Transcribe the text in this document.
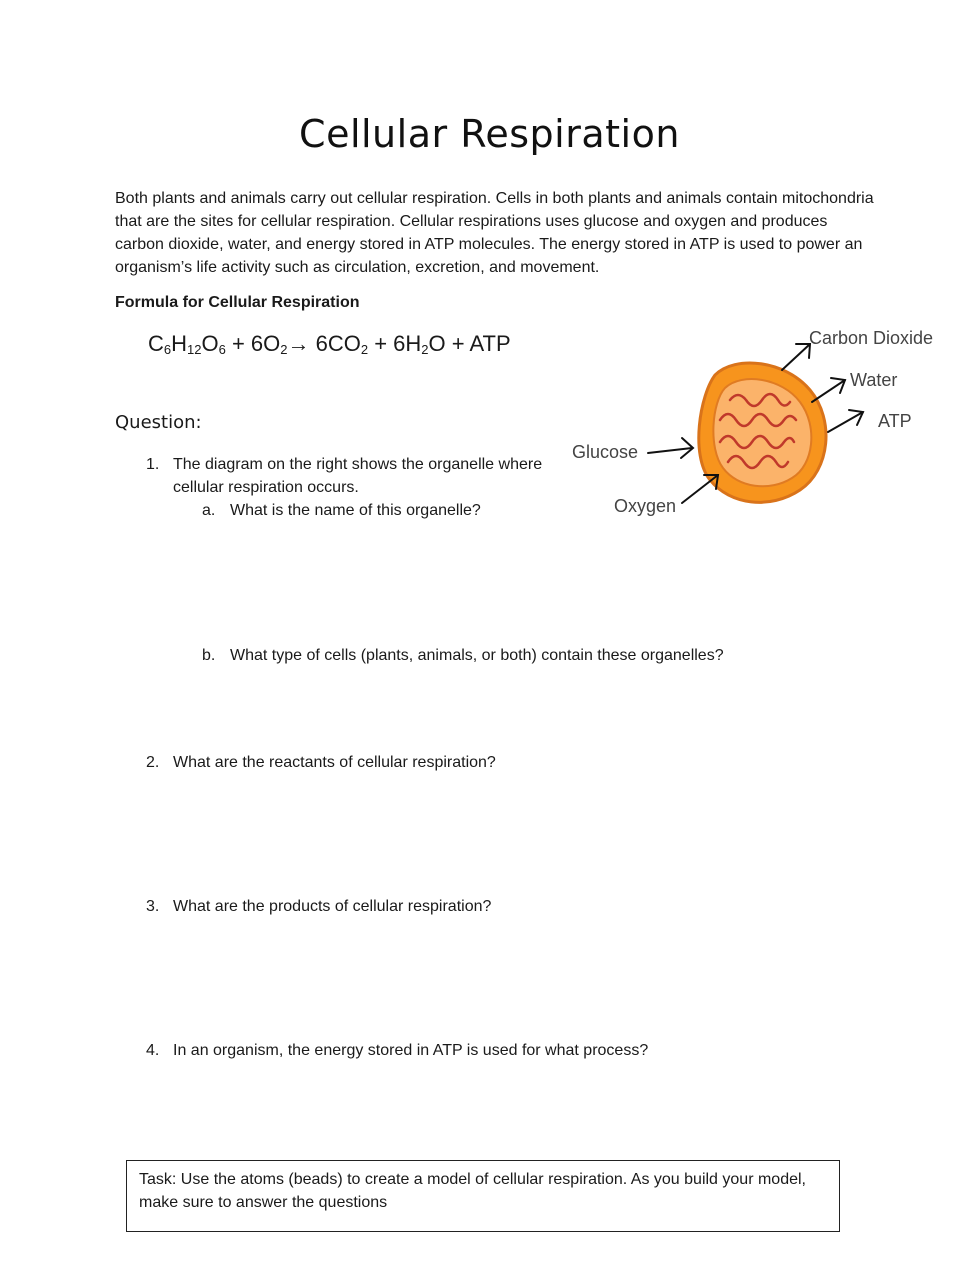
Cellular Respiration
Both plants and animals carry out cellular respiration. Cells in both plants and animals contain mitochondria that are the sites for cellular respiration. Cellular respirations uses glucose and oxygen and produces carbon dioxide, water, and energy stored in ATP molecules. The energy stored in ATP is used to power an organism’s life activity such as circulation, excretion, and movement.
Formula for Cellular Respiration
$C_6H_{12}O_6 + 6O_2\to 6CO_2 + 6H_2O$ + ATP
Question:
1. The diagram on the right shows the organelle where cellular respiration occurs.
a. What is the name of this organelle?
b. What type of cells (plants, animals, or both) contain these organelles?
2. What are the reactants of cellular respiration?
3. What are the products of cellular respiration?
4. In an organism, the energy stored in ATP is used for what process?
Glucose
Oxygen
Carbon Dioxide
Water
ATP
Task: Use the atoms (beads) to create a model of cellular respiration. As you build your model, make sure to answer the questions
